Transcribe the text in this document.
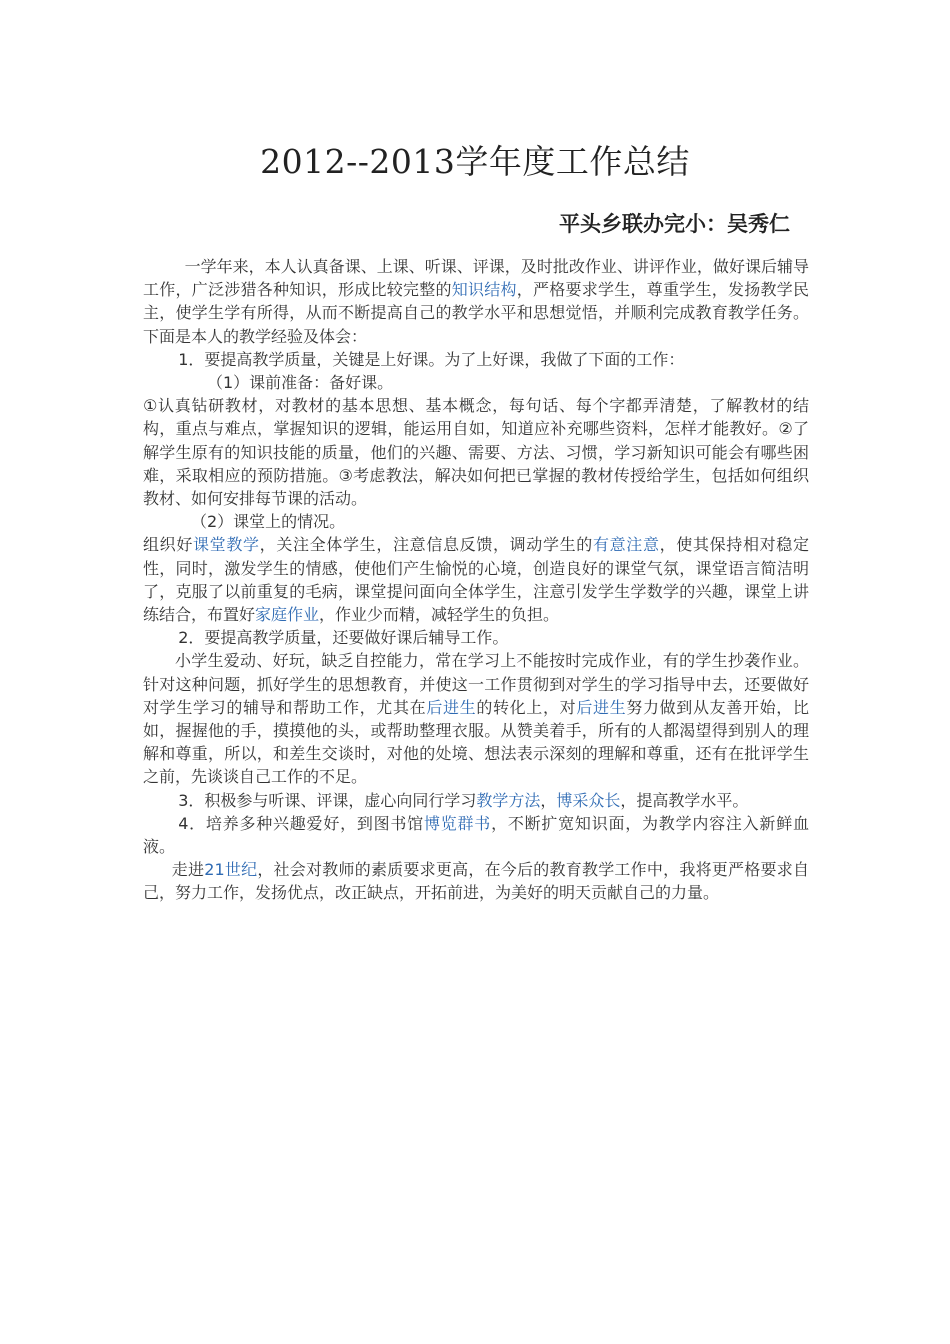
2012--2013学年度工作总结
平头乡联办完小：吴秀仁

一学年来，本人认真备课、上课、听课、评课，及时批改作业、讲评作业，做好课后辅导工作，广泛涉猎各种知识，形成比较完整的知识结构，严格要求学生，尊重学生，发扬教学民主，使学生学有所得，从而不断提高自己的教学水平和思想觉悟，并顺利完成教育教学任务。 下面是本人的教学经验及体会：

1．要提高教学质量，关键是上好课。为了上好课，我做了下面的工作：

（1）课前准备：备好课。

①认真钻研教材，对教材的基本思想、基本概念，每句话、每个字都弄清楚，了解教材的结构，重点与难点，掌握知识的逻辑，能运用自如，知道应补充哪些资料，怎样才能教好。②了解学生原有的知识技能的质量，他们的兴趣、需要、方法、习惯，学习新知识可能会有哪些困难，采取相应的预防措施。③考虑教法，解决如何把已掌握的教材传授给学生，包括如何组织教材、如何安排每节课的活动。

（2）课堂上的情况。

组织好课堂教学，关注全体学生，注意信息反馈，调动学生的有意注意，使其保持相对稳定性，同时，激发学生的情感，使他们产生愉悦的心境，创造良好的课堂气氛，课堂语言简洁明了，克服了以前重复的毛病，课堂提问面向全体学生，注意引发学生学数学的兴趣，课堂上讲练结合，布置好家庭作业，作业少而精，减轻学生的负担。

2．要提高教学质量，还要做好课后辅导工作。

小学生爱动、好玩，缺乏自控能力，常在学习上不能按时完成作业，有的学生抄袭作业。针对这种问题，抓好学生的思想教育，并使这一工作贯彻到对学生的学习指导中去，还要做好对学生学习的辅导和帮助工作，尤其在后进生的转化上，对后进生努力做到从友善开始，比如，握握他的手，摸摸他的头，或帮助整理衣服。从赞美着手，所有的人都渴望得到别人的理解和尊重，所以，和差生交谈时，对他的处境、想法表示深刻的理解和尊重，还有在批评学生之前，先谈谈自己工作的不足。

3．积极参与听课、评课，虚心向同行学习教学方法，博采众长，提高教学水平。

4．培养多种兴趣爱好，到图书馆博览群书，不断扩宽知识面，为教学内容注入新鲜血液。

走进21世纪，社会对教师的素质要求更高，在今后的教育教学工作中，我将更严格要求自己，努力工作，发扬优点，改正缺点，开拓前进，为美好的明天贡献自己的力量。
